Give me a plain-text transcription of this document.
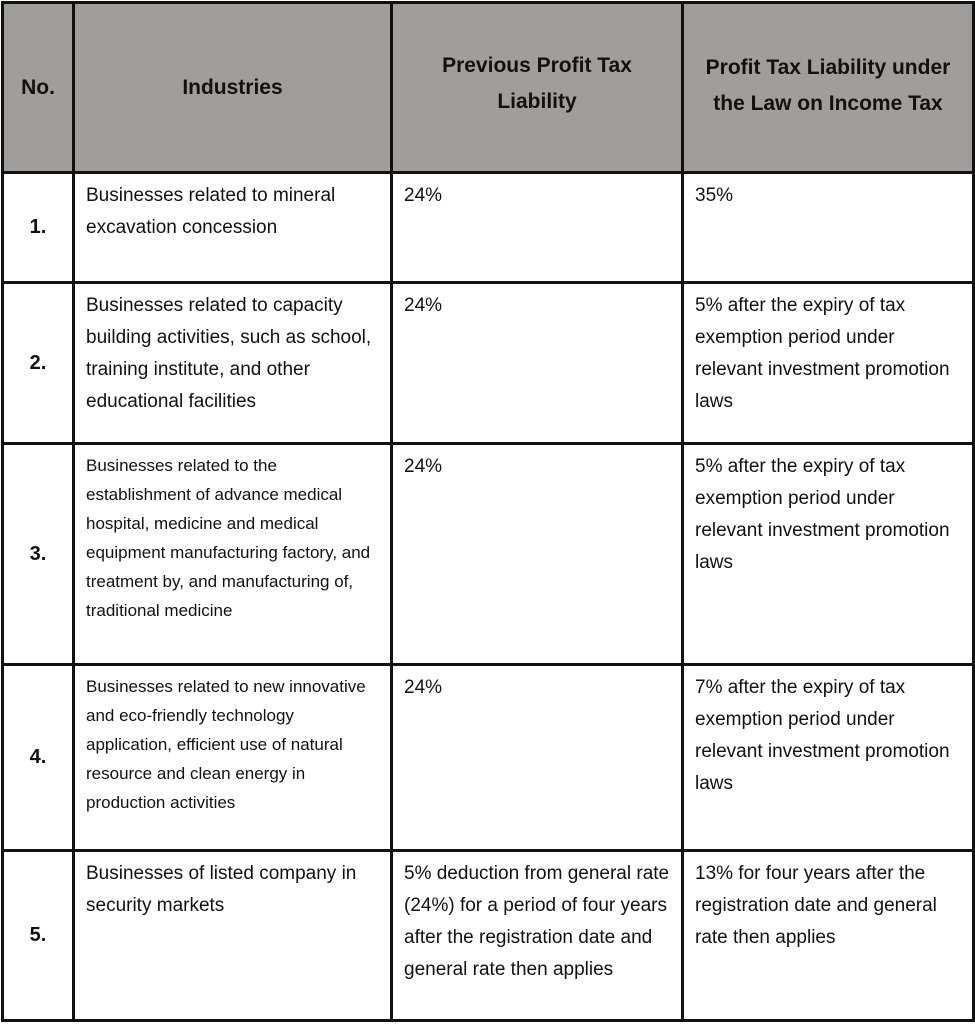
No.	Industries	Previous Profit Tax Liability	Profit Tax Liability under the Law on Income Tax
1.	Businesses related to mineral excavation concession	24%	35%
2.	Businesses related to capacity building activities, such as school, training institute, and other educational facilities	24%	5% after the expiry of tax exemption period under relevant investment promotion laws
3.	Businesses related to the establishment of advance medical hospital, medicine and medical equipment manufacturing factory, and treatment by, and manufacturing of, traditional medicine	24%	5% after the expiry of tax exemption period under relevant investment promotion laws
4.	Businesses related to new innovative and eco-friendly technology application, efficient use of natural resource and clean energy in production activities	24%	7% after the expiry of tax exemption period under relevant investment promotion laws
5.	Businesses of listed company in security markets	5% deduction from general rate (24%) for a period of four years after the registration date and general rate then applies	13% for four years after the registration date and general rate then applies
